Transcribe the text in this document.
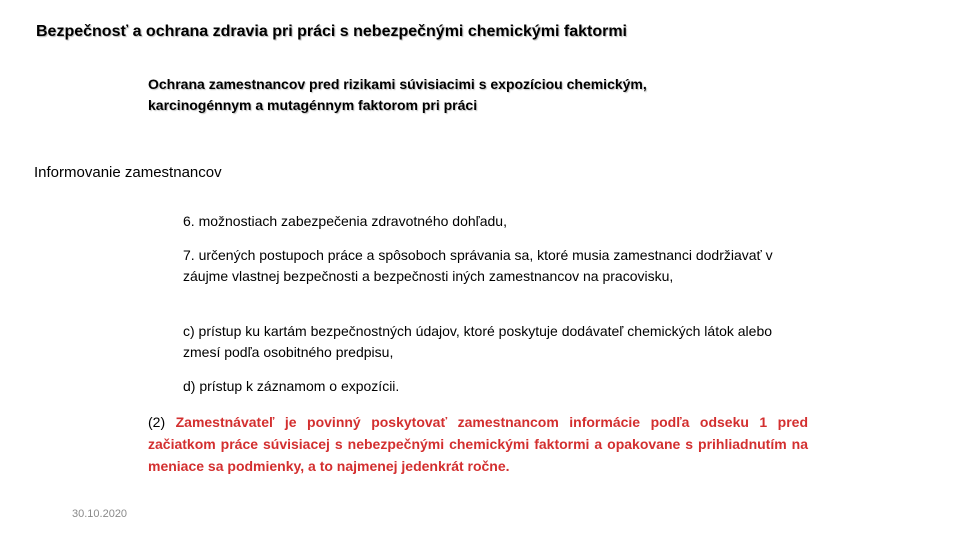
Bezpečnosť a ochrana zdravia pri práci s nebezpečnými chemickými faktormi
Ochrana zamestnancov pred rizikami súvisiacimi s expozíciou chemickým,
karcinogénnym a mutagénnym faktorom pri práci
Informovanie zamestnancov
6. možnostiach zabezpečenia zdravotného dohľadu,
7. určených postupoch práce a spôsoboch správania sa, ktoré musia zamestnanci dodržiavať v záujme vlastnej bezpečnosti a bezpečnosti iných zamestnancov na pracovisku,
c) prístup ku kartám bezpečnostných údajov, ktoré poskytuje dodávateľ chemických látok alebo zmesí podľa osobitného predpisu,
d) prístup k záznamom o expozícii.
(2) Zamestnávateľ je povinný poskytovať zamestnancom informácie podľa odseku 1 pred začiatkom práce súvisiacej s nebezpečnými chemickými faktormi a opakovane s prihliadnutím na meniace sa podmienky, a to najmenej jedenkrát ročne.
30.10.2020
